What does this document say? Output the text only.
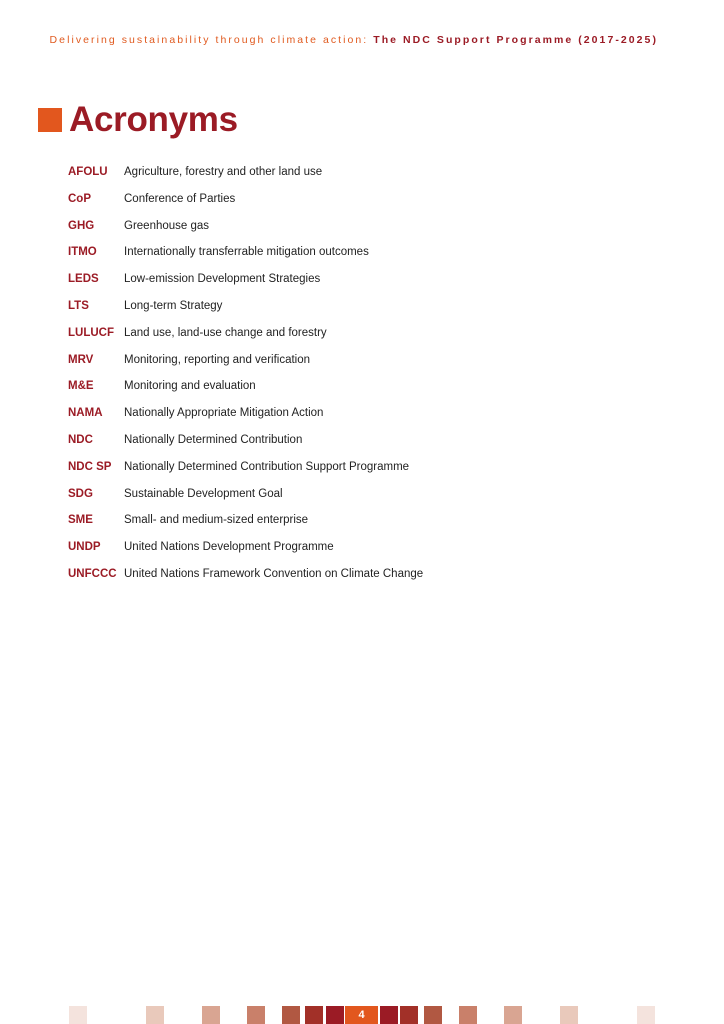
Delivering sustainability through climate action: The NDC Support Programme (2017-2025)
Acronyms
AFOLU	Agriculture, forestry and other land use
CoP	Conference of Parties
GHG	Greenhouse gas
ITMO	Internationally transferrable mitigation outcomes
LEDS	Low-emission Development Strategies
LTS	Long-term Strategy
LULUCF Land use, land-use change and forestry
MRV	Monitoring, reporting and verification
M&E	Monitoring and evaluation
NAMA	Nationally Appropriate Mitigation Action
NDC	Nationally Determined Contribution
NDC SP	Nationally Determined Contribution Support Programme
SDG	Sustainable Development Goal
SME	Small- and medium-sized enterprise
UNDP	United Nations Development Programme
UNFCCC United Nations Framework Convention on Climate Change
4
